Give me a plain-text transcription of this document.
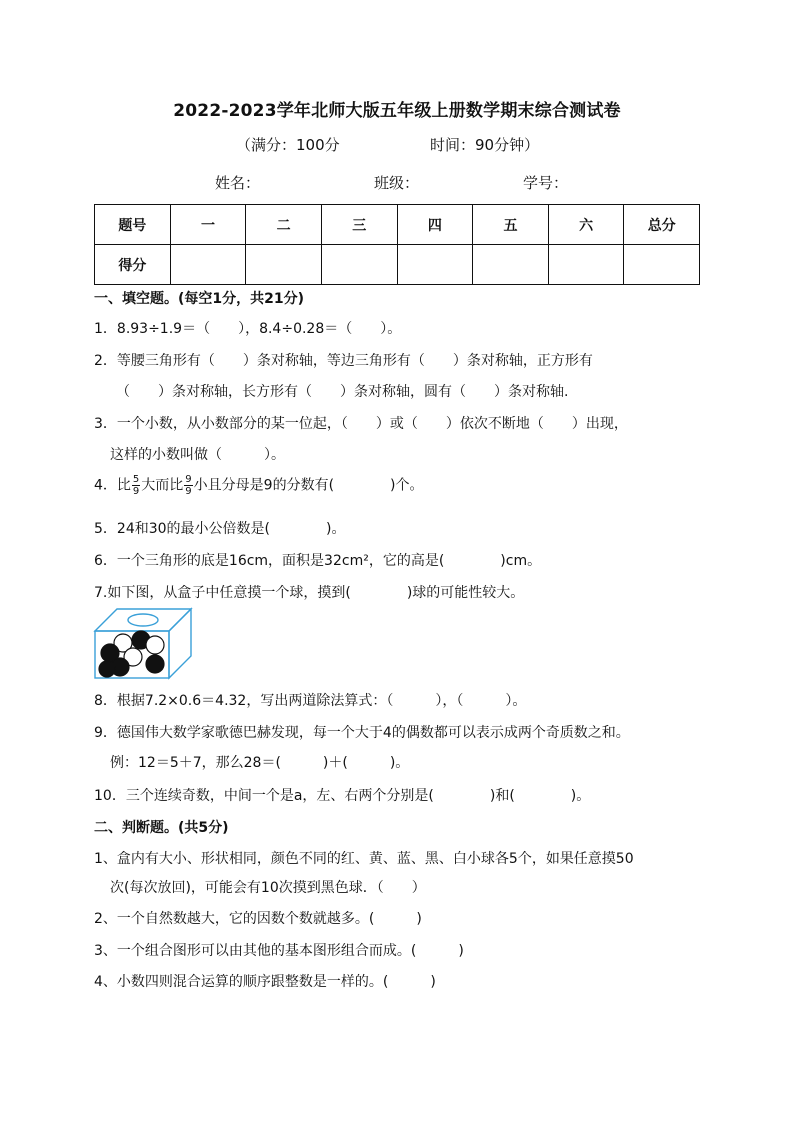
2022-2023学年北师大版五年级上册数学期末综合测试卷
（满分：100分	时间：90分钟）
姓名：	班级：	学号：
题号	一	二	三	四	五	六	总分
得分							
一、填空题。(每空1分，共21分)
1．8.93÷1.9＝（　　），8.4÷0.28＝（　　）。
2．等腰三角形有（　　）条对称轴，等边三角形有（　　）条对称轴，正方形有
（　　）条对称轴，长方形有（　　）条对称轴，圆有（　　）条对称轴.
3．一个小数，从小数部分的某一位起，（　　）或（　　）依次不断地（　　）出现，
这样的小数叫做（　　　）。
4．比 $\frac{5}{9}$ 大而比 $\frac{9}{9}$ 小且分母是9的分数有(　　　　)个。
5．24和30的最小公倍数是(　　　　)。
6．一个三角形的底是16cm，面积是32cm²，它的高是(　　　　)cm。
7.如下图，从盒子中任意摸一个球，摸到(　　　　)球的可能性较大。
8．根据7.2×0.6＝4.32，写出两道除法算式：（　　　），（　　　）。
9．德国伟大数学家歌德巴赫发现，每一个大于4的偶数都可以表示成两个奇质数之和。
例：12＝5＋7，那么28＝(　　　)＋(　　　)。
10．三个连续奇数，中间一个是a，左、右两个分别是(　　　　)和(　　　　)。
二、判断题。(共5分)
1、盒内有大小、形状相同，颜色不同的红、黄、蓝、黑、白小球各5个，如果任意摸50
次(每次放回)，可能会有10次摸到黑色球．（　　）
2、一个自然数越大，它的因数个数就越多。(　　　)
3、一个组合图形可以由其他的基本图形组合而成。(　　　)
4、小数四则混合运算的顺序跟整数是一样的。(　　　)
